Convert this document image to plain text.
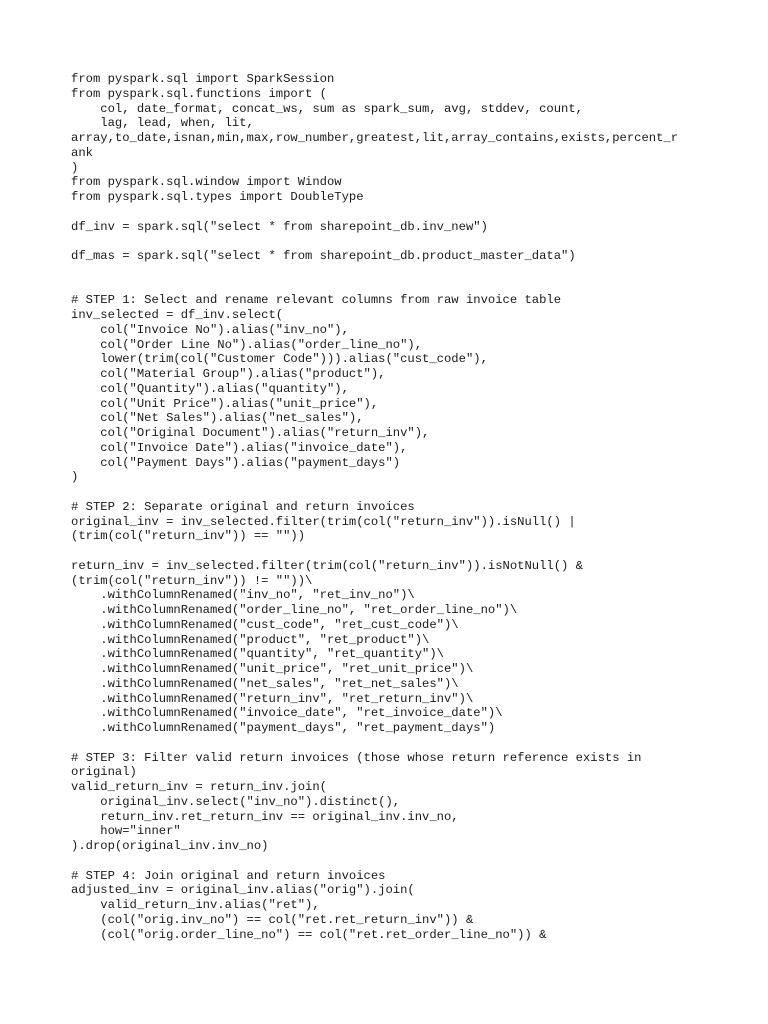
from pyspark.sql import SparkSession
from pyspark.sql.functions import (
col, date_format, concat_ws, sum as spark_sum, avg, stddev, count,
lag, lead, when, lit,
array,to_date,isnan,min,max,row_number,greatest,lit,array_contains,exists,percent_r
ank
)
from pyspark.sql.window import Window
from pyspark.sql.types import DoubleType
df_inv = spark.sql("select * from sharepoint_db.inv_new")
df_mas = spark.sql("select * from sharepoint_db.product_master_data")
# STEP 1: Select and rename relevant columns from raw invoice table
inv_selected = df_inv.select(
col("Invoice No").alias("inv_no"),
col("Order Line No").alias("order_line_no"),
lower(trim(col("Customer Code"))).alias("cust_code"),
col("Material Group").alias("product"),
col("Quantity").alias("quantity"),
col("Unit Price").alias("unit_price"),
col("Net Sales").alias("net_sales"),
col("Original Document").alias("return_inv"),
col("Invoice Date").alias("invoice_date"),
col("Payment Days").alias("payment_days")
)
# STEP 2: Separate original and return invoices
original_inv = inv_selected.filter(trim(col("return_inv")).isNull() |
(trim(col("return_inv")) == ""))
return_inv = inv_selected.filter(trim(col("return_inv")).isNotNull() &
(trim(col("return_inv")) != ""))\
.withColumnRenamed("inv_no", "ret_inv_no")\
.withColumnRenamed("order_line_no", "ret_order_line_no")\
.withColumnRenamed("cust_code", "ret_cust_code")\
.withColumnRenamed("product", "ret_product")\
.withColumnRenamed("quantity", "ret_quantity")\
.withColumnRenamed("unit_price", "ret_unit_price")\
.withColumnRenamed("net_sales", "ret_net_sales")\
.withColumnRenamed("return_inv", "ret_return_inv")\
.withColumnRenamed("invoice_date", "ret_invoice_date")\
.withColumnRenamed("payment_days", "ret_payment_days")
# STEP 3: Filter valid return invoices (those whose return reference exists in
original)
valid_return_inv = return_inv.join(
original_inv.select("inv_no").distinct(),
return_inv.ret_return_inv == original_inv.inv_no,
how="inner"
).drop(original_inv.inv_no)
# STEP 4: Join original and return invoices
adjusted_inv = original_inv.alias("orig").join(
valid_return_inv.alias("ret"),
(col("orig.inv_no") == col("ret.ret_return_inv")) &
(col("orig.order_line_no") == col("ret.ret_order_line_no")) &
